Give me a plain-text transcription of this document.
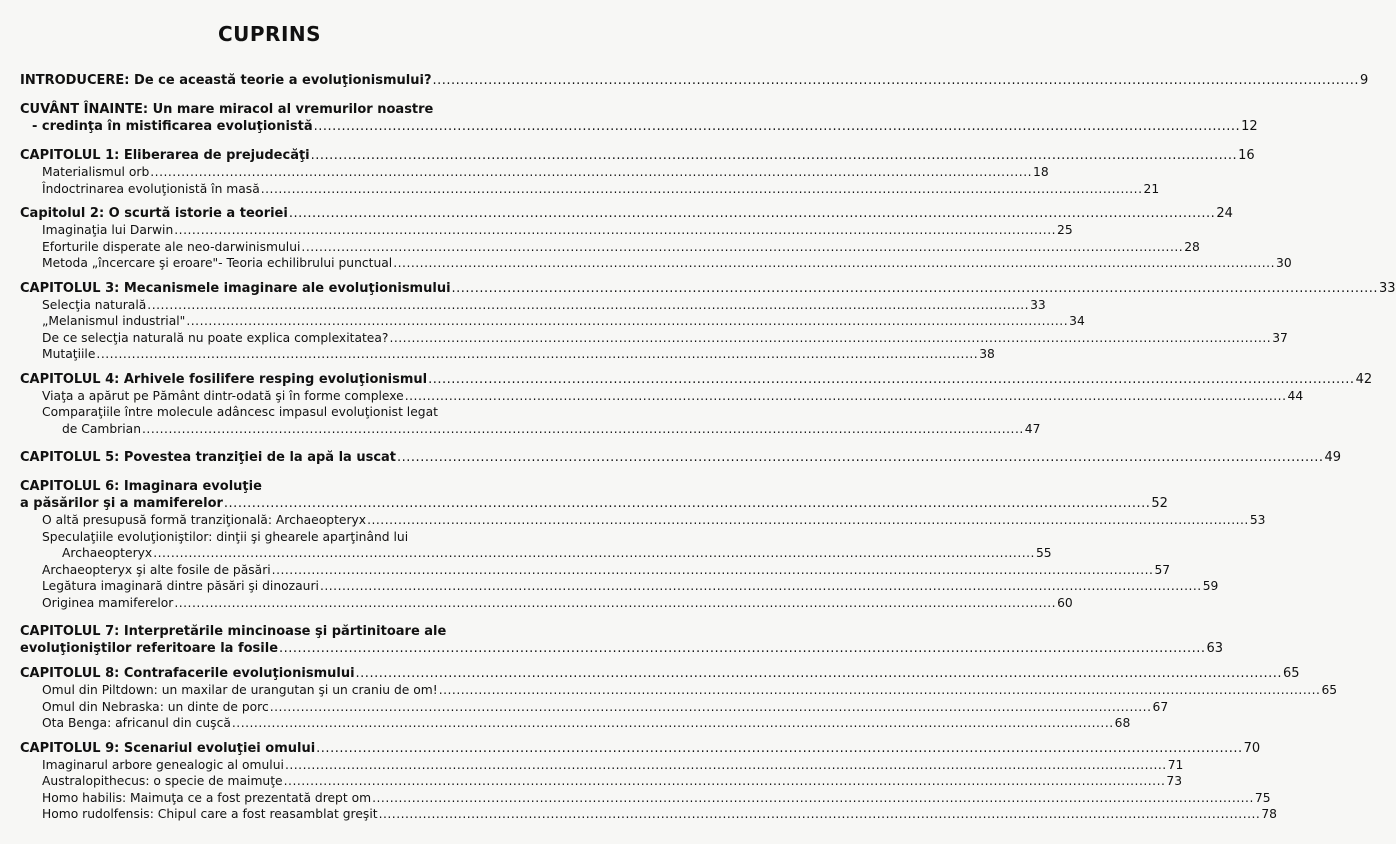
CUPRINS
INTRODUCERE: De ce această teorie a evoluţionismului? .....	9
CUVÂNT ÎNAINTE: Un mare miracol al vremurilor noastre
- credinţa în mistificarea evoluţionistă .....	12
CAPITOLUL 1: Eliberarea de prejudecăţi .....	16
Materialismul orb .....	18
Îndoctrinarea evoluţionistă în masă .....	21
Capitolul 2: O scurtă istorie a teoriei .....	24
Imaginaţia lui Darwin .....	25
Eforturile disperate ale neo-darwinismului .....	28
Metoda „încercare şi eroare"- Teoria echilibrului punctual .....	30
CAPITOLUL 3: Mecanismele imaginare ale evoluţionismului .....	33
Selecţia naturală .....	33
„Melanismul industrial" .....	34
De ce selecţia naturală nu poate explica complexitatea? .....	37
Mutaţiile .....	38
CAPITOLUL 4: Arhivele fosilifere resping evoluţionismul .....	42
Viaţa a apărut pe Pământ dintr-odată şi în forme complexe .....	44
Comparaţiile între molecule adâncesc impasul evoluţionist legat
de Cambrian .....	47
CAPITOLUL 5: Povestea tranziţiei de la apă la uscat .....	49
CAPITOLUL 6: Imaginara evoluţie
a păsărilor şi a mamiferelor .....	52
O altă presupusă formă tranziţională: Archaeopteryx .....	53
Speculaţiile evoluţioniştilor: dinţii şi ghearele aparţinând lui
Archaeopteryx .....	55
Archaeopteryx şi alte fosile de păsări .....	57
Legătura imaginară dintre păsări şi dinozauri .....	59
Originea mamiferelor .....	60
CAPITOLUL 7: Interpretările mincinoase şi părtinitoare ale
evoluţioniştilor referitoare la fosile .....	63
CAPITOLUL 8: Contrafacerile evoluţionismului .....	65
Omul din Piltdown: un maxilar de urangutan şi un craniu de om! .....	65
Omul din Nebraska: un dinte de porc .....	67
Ota Benga: africanul din cuşcă .....	68
CAPITOLUL 9: Scenariul evoluţiei omului .....	70
Imaginarul arbore genealogic al omului .....	71
Australopithecus: o specie de maimuţe .....	73
Homo habilis: Maimuţa ce a fost prezentată drept om .....	75
Homo rudolfensis: Chipul care a fost reasamblat greşit .....	78
